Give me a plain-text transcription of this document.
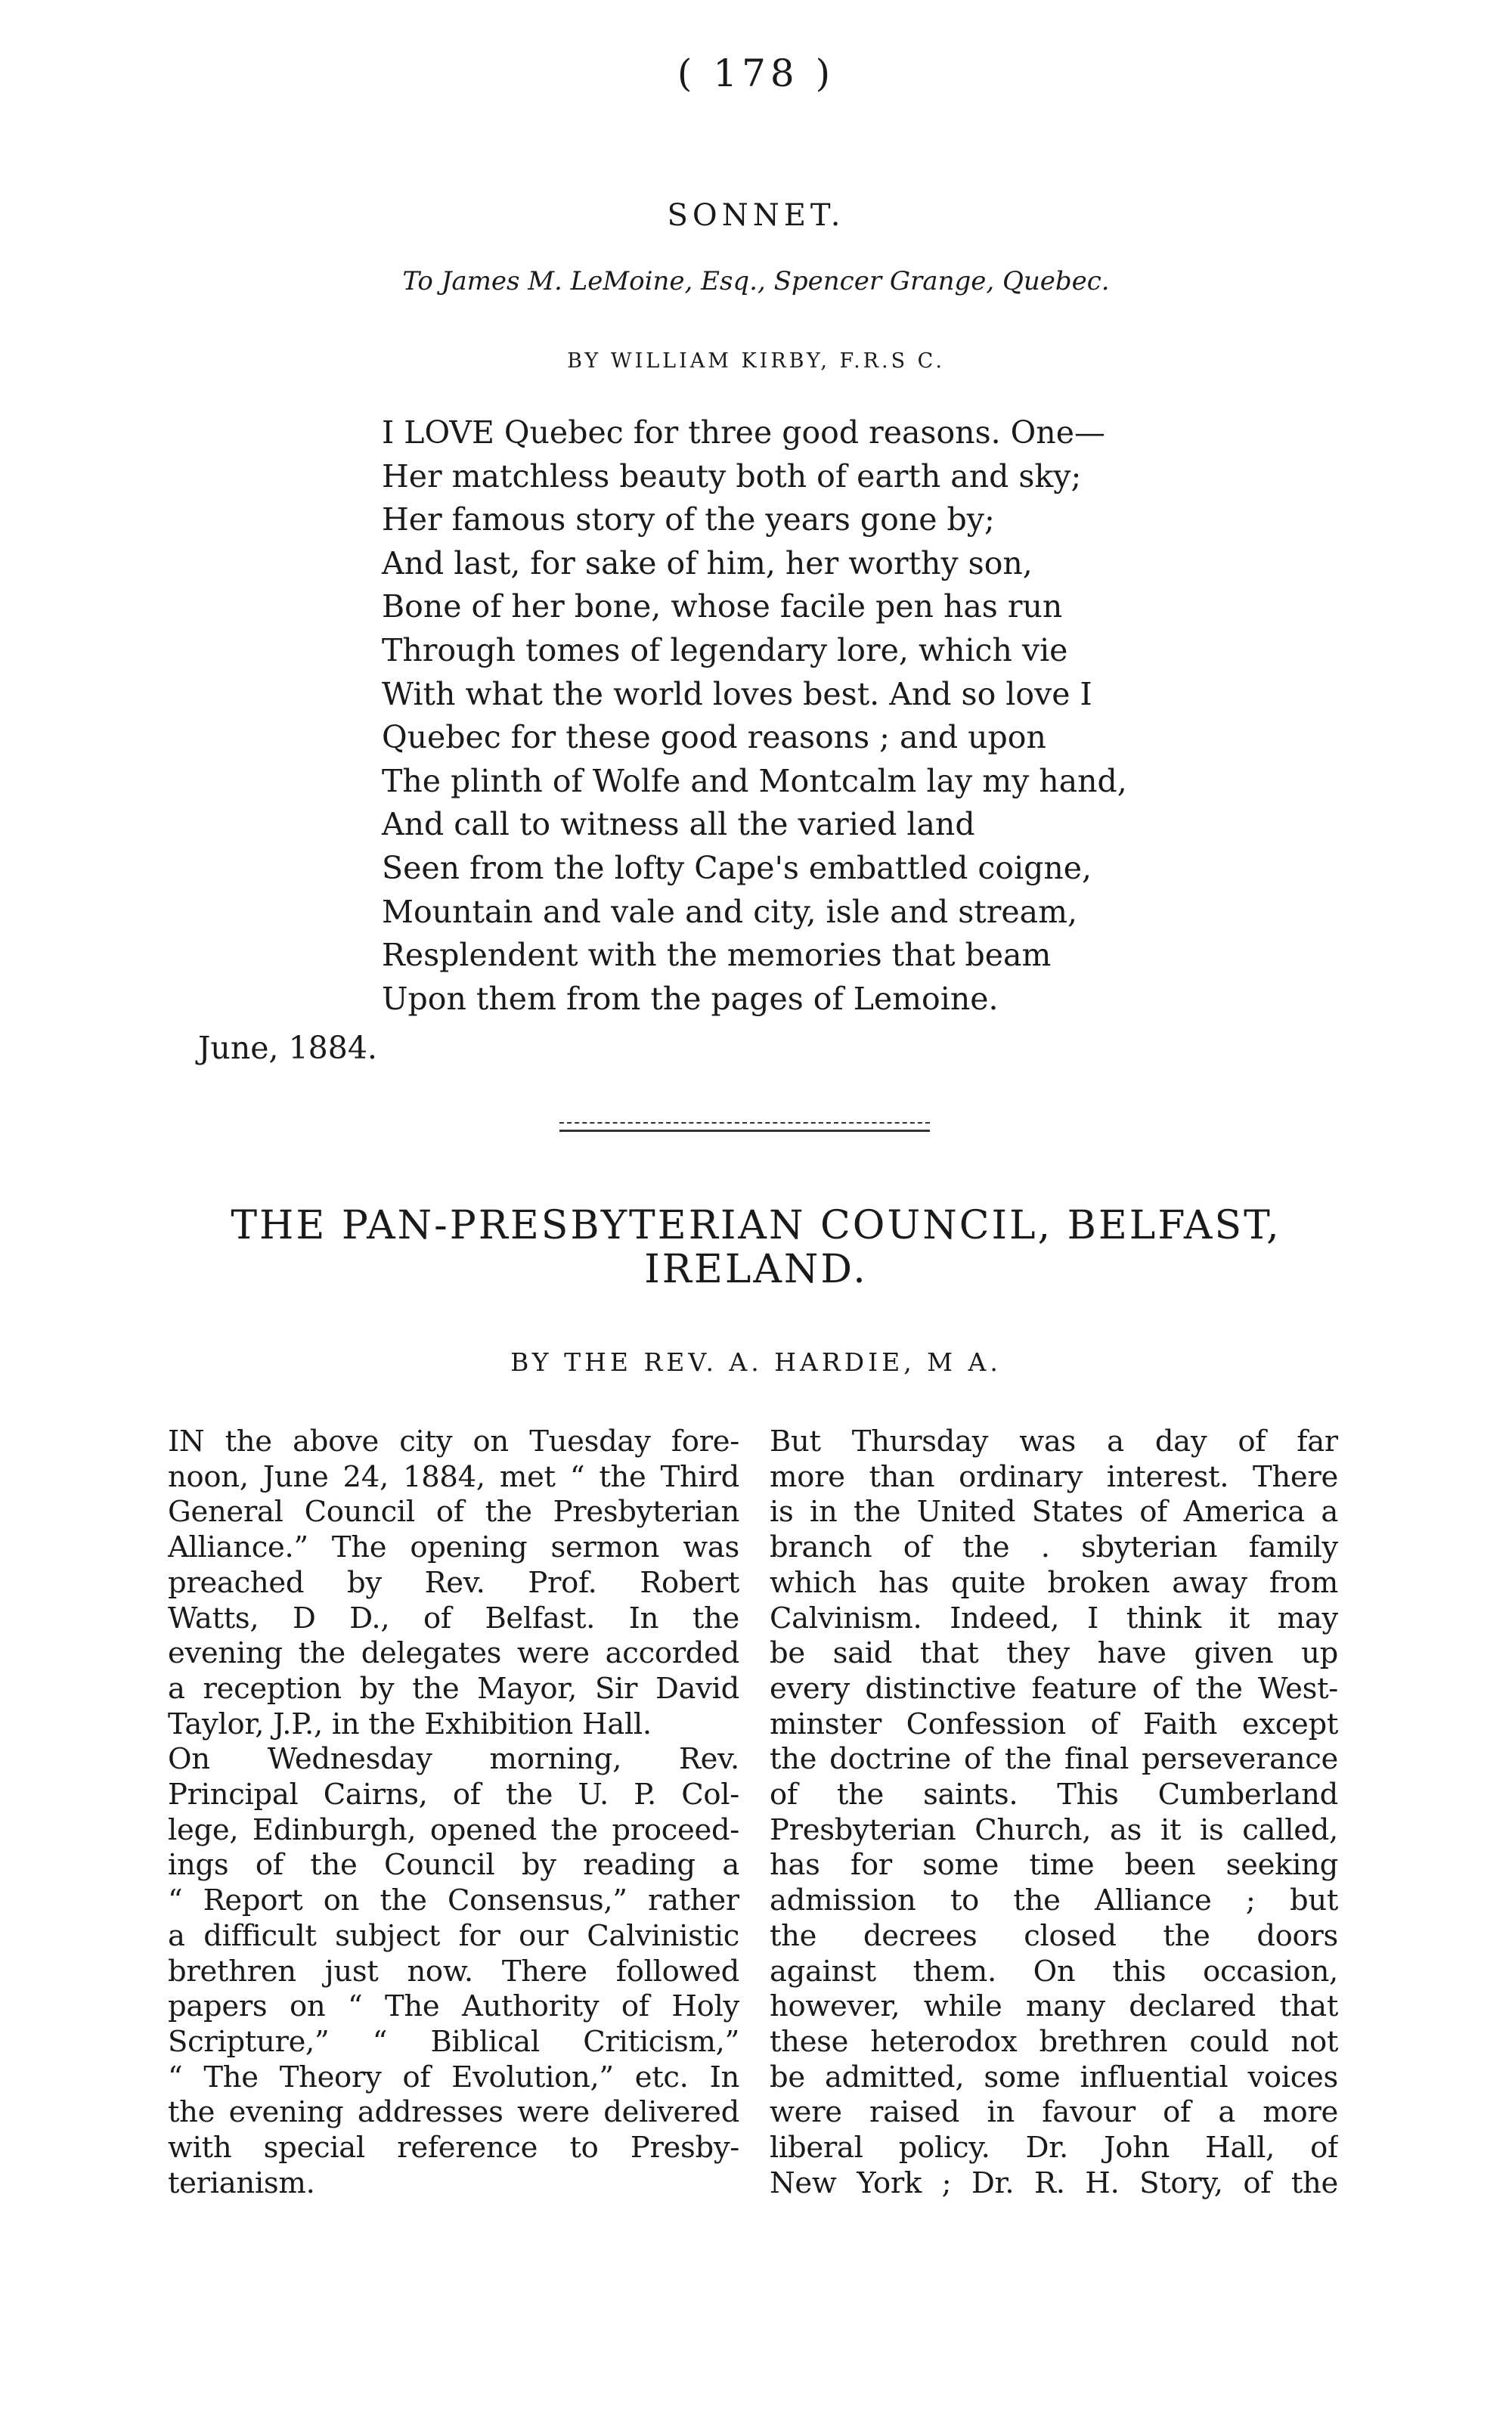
( 178 )
SONNET.
To James M. LeMoine, Esq., Spencer Grange, Quebec.
BY WILLIAM KIRBY, F.R.S C.
I LOVE Quebec for three good reasons. One—
Her matchless beauty both of earth and sky;
Her famous story of the years gone by;
And last, for sake of him, her worthy son,
Bone of her bone, whose facile pen has run
Through tomes of legendary lore, which vie
With what the world loves best. And so love I
Quebec for these good reasons ; and upon
The plinth of Wolfe and Montcalm lay my hand,
And call to witness all the varied land
Seen from the lofty Cape's embattled coigne,
Mountain and vale and city, isle and stream,
Resplendent with the memories that beam
Upon them from the pages of Lemoine.
June, 1884.
THE PAN-PRESBYTERIAN COUNCIL, BELFAST, IRELAND.
BY THE REV. A. HARDIE, M A.
IN the above city on Tuesday fore-
noon, June 24, 1884, met “ the Third
General Council of the Presbyterian
Alliance.” The opening sermon was
preached by Rev. Prof. Robert
Watts, D D., of Belfast. In the
evening the delegates were accorded
a reception by the Mayor, Sir David
Taylor, J.P., in the Exhibition Hall.
On Wednesday morning, Rev.
Principal Cairns, of the U. P. Col-
lege, Edinburgh, opened the proceed-
ings of the Council by reading a
“ Report on the Consensus,” rather
a difficult subject for our Calvinistic
brethren just now. There followed
papers on “ The Authority of Holy
Scripture,” “ Biblical Criticism,”
“ The Theory of Evolution,” etc. In
the evening addresses were delivered
with special reference to Presby-
terianism.
But Thursday was a day of far
more than ordinary interest. There
is in the United States of America a
branch of the . sbyterian family
which has quite broken away from
Calvinism. Indeed, I think it may
be said that they have given up
every distinctive feature of the West-
minster Confession of Faith except
the doctrine of the final perseverance
of the saints. This Cumberland
Presbyterian Church, as it is called,
has for some time been seeking
admission to the Alliance ; but
the decrees closed the doors
against them. On this occasion,
however, while many declared that
these heterodox brethren could not
be admitted, some influential voices
were raised in favour of a more
liberal policy. Dr. John Hall, of
New York ; Dr. R. H. Story, of the
